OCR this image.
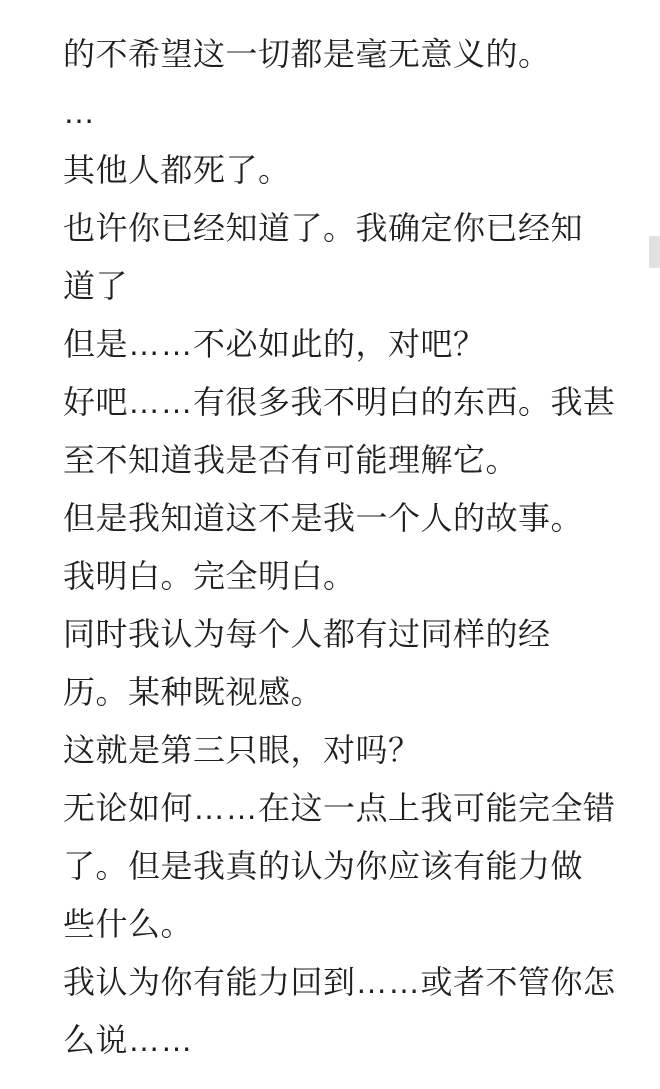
的不希望这一切都是毫无意义的。
…
其他人都死了。
也许你已经知道了。我确定你已经知
道了
但是……不必如此的，对吧？
好吧……有很多我不明白的东西。我甚
至不知道我是否有可能理解它。
但是我知道这不是我一个人的故事。
我明白。完全明白。
同时我认为每个人都有过同样的经
历。某种既视感。
这就是第三只眼，对吗？
无论如何……在这一点上我可能完全错
了。但是我真的认为你应该有能力做
些什么。
我认为你有能力回到……或者不管你怎
么说……
